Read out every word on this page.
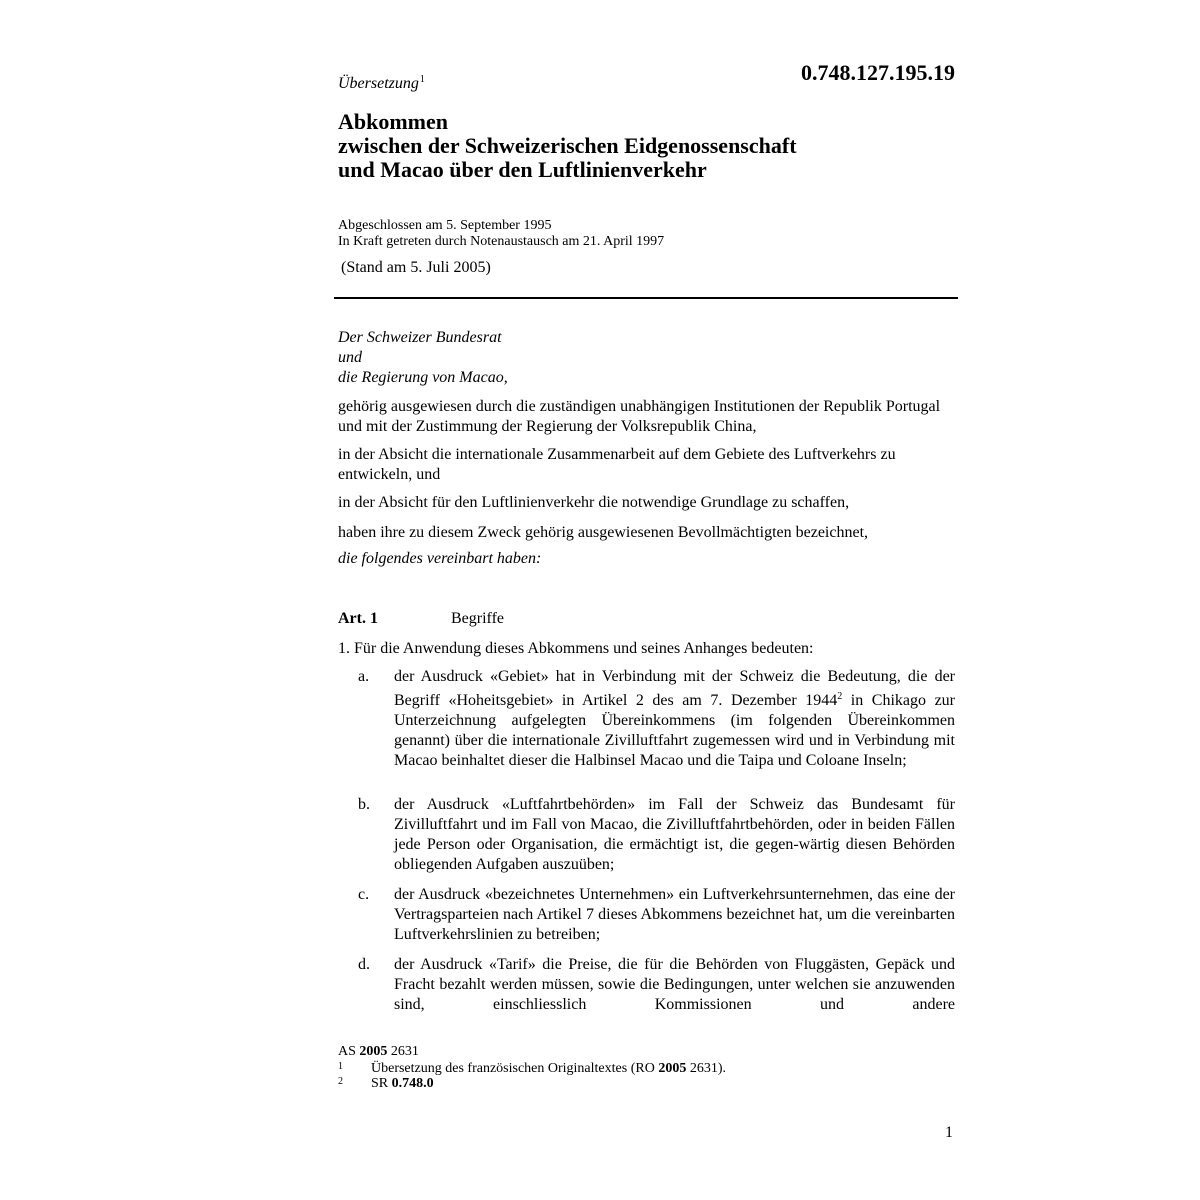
Übersetzung$^1$	0.748.127.195.19
Abkommen
zwischen der Schweizerischen Eidgenossenschaft
und Macao über den Luftlinienverkehr
Abgeschlossen am 5. September 1995
In Kraft getreten durch Notenaustausch am 21. April 1997
(Stand am 5. Juli 2005)
Der Schweizer Bundesrat
und
die Regierung von Macao,
gehörig ausgewiesen durch die zuständigen unabhängigen Institutionen der Republik Portugal und mit der Zustimmung der Regierung der Volksrepublik China,
in der Absicht die internationale Zusammenarbeit auf dem Gebiete des Luftverkehrs zu entwickeln, und
in der Absicht für den Luftlinienverkehr die notwendige Grundlage zu schaffen,
haben ihre zu diesem Zweck gehörig ausgewiesenen Bevollmächtigten bezeichnet,
die folgendes vereinbart haben:
Art. 1	Begriffe
1. Für die Anwendung dieses Abkommens und seines Anhanges bedeuten:
a. der Ausdruck «Gebiet» hat in Verbindung mit der Schweiz die Bedeutung, die der Begriff «Hoheitsgebiet» in Artikel 2 des am 7. Dezember 1944$^2$ in Chikago zur Unterzeichnung aufgelegten Übereinkommens (im folgenden Übereinkommen genannt) über die internationale Zivilluftfahrt zugemessen wird und in Verbindung mit Macao beinhaltet dieser die Halbinsel Macao und die Taipa und Coloane Inseln;
b. der Ausdruck «Luftfahrtbehörden» im Fall der Schweiz das Bundesamt für Zivilluftfahrt und im Fall von Macao, die Zivilluftfahrtbehörden, oder in beiden Fällen jede Person oder Organisation, die ermächtigt ist, die gegen-wärtig diesen Behörden obliegenden Aufgaben auszuüben;
c. der Ausdruck «bezeichnetes Unternehmen» ein Luftverkehrsunternehmen, das eine der Vertragsparteien nach Artikel 7 dieses Abkommens bezeichnet hat, um die vereinbarten Luftverkehrslinien zu betreiben;
d. der Ausdruck «Tarif» die Preise, die für die Behörden von Fluggästen, Gepäck und Fracht bezahlt werden müssen, sowie die Bedingungen, unter welchen sie anzuwenden sind, einschliesslich Kommissionen und andere
AS 2005 2631
1 Übersetzung des französischen Originaltextes (RO 2005 2631).
2 SR 0.748.0
1
